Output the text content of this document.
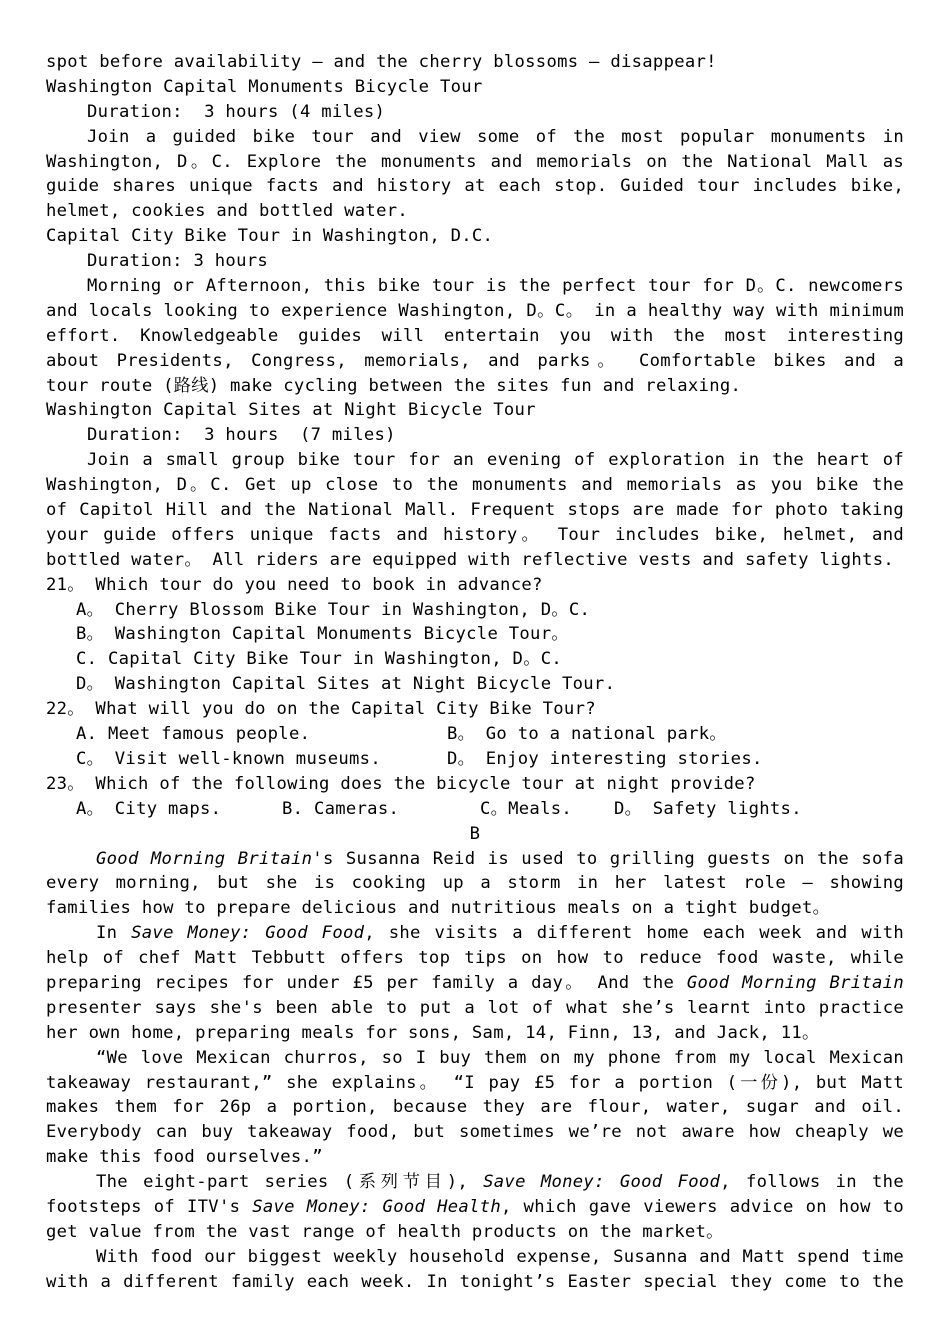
spot before availability – and the cherry blossoms – disappear!
Washington Capital Monuments Bicycle Tour
Duration:  3 hours (4 miles)
Join a guided bike tour and view some of the most popular monuments in
Washington, D。C. Explore the monuments and memorials on the National Mall as
guide shares unique facts and history at each stop. Guided tour includes bike,
helmet, cookies and bottled water.
Capital City Bike Tour in Washington, D.C.
Duration: 3 hours
Morning or Afternoon, this bike tour is the perfect tour for D。C. newcomers
and locals looking to experience Washington, D。C。 in a healthy way with minimum
effort. Knowledgeable guides will entertain you with the most interesting
about Presidents, Congress, memorials, and parks。 Comfortable bikes and a
tour route (路线) make cycling between the sites fun and relaxing.
Washington Capital Sites at Night Bicycle Tour
Duration:  3 hours  (7 miles)
Join a small group bike tour for an evening of exploration in the heart of
Washington, D。C. Get up close to the monuments and memorials as you bike the
of Capitol Hill and the National Mall. Frequent stops are made for photo taking
your guide offers unique facts and history。 Tour includes bike, helmet, and
bottled water。 All riders are equipped with reflective vests and safety lights.
21。 Which tour do you need to book in advance?
A。 Cherry Blossom Bike Tour in Washington, D。C.
B。 Washington Capital Monuments Bicycle Tour。
C. Capital City Bike Tour in Washington, D。C.
D。 Washington Capital Sites at Night Bicycle Tour.
22。 What will you do on the Capital City Bike Tour?
A. Meet famous people.	B。 Go to a national park。
C。 Visit well-known museums.	D。 Enjoy interesting stories.
23。 Which of the following does the bicycle tour at night provide?
A。 City maps.	B. Cameras.	C。Meals. D。 Safety lights.
B
Good Morning Britain's Susanna Reid is used to grilling guests on the sofa
every morning, but she is cooking up a storm in her latest role — showing
families how to prepare delicious and nutritious meals on a tight budget。
In Save Money: Good Food, she visits a different home each week and with
help of chef Matt Tebbutt offers top tips on how to reduce food waste, while
preparing recipes for under £5 per family a day。 And the Good Morning Britain
presenter says she's been able to put a lot of what she’s learnt into practice
her own home, preparing meals for sons, Sam, 14, Finn, 13, and Jack, 11。
“We love Mexican churros, so I buy them on my phone from my local Mexican
takeaway restaurant,” she explains。 “I pay £5 for a portion (一份), but Matt
makes them for 26p a portion, because they are flour, water, sugar and oil.
Everybody can buy takeaway food, but sometimes we’re not aware how cheaply we
make this food ourselves.”
The eight-part series (系列节目), Save Money: Good Food, follows in the
footsteps of ITV's Save Money: Good Health, which gave viewers advice on how to
get value from the vast range of health products on the market。
With food our biggest weekly household expense, Susanna and Matt spend time
with a different family each week. In tonight’s Easter special they come to the
